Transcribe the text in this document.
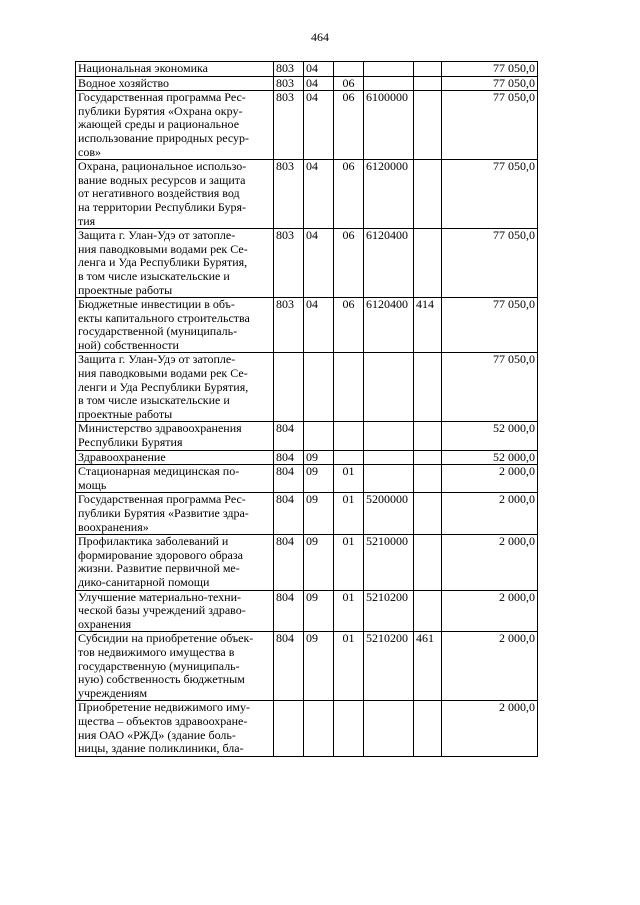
464
Национальная экономика	803	04				77 050,0
Водное хозяйство	803	04	06			77 050,0
Государственная программа Рес-
публики Бурятия «Охрана окру-
жающей среды и рациональное
использование природных ресур-
сов»	803	04	06	6100000		77 050,0
Охрана, рациональное использо-
вание водных ресурсов и защита
от негативного воздействия вод
на территории Республики Буря-
тия	803	04	06	6120000		77 050,0
Защита г. Улан-Удэ от затопле-
ния паводковыми водами рек Се-
ленга и Уда Республики Бурятия,
в том числе изыскательские и
проектные работы	803	04	06	6120400		77 050,0
Бюджетные инвестиции в объ-
екты капитального строительства
государственной (муниципаль-
ной) собственности	803	04	06	6120400	414	77 050,0
Защита г. Улан-Удэ от затопле-
ния паводковыми водами рек Се-
ленги и Уда Республики Бурятия,
в том числе изыскательские и
проектные работы						77 050,0
Министерство здравоохранения
Республики Бурятия	804					52 000,0
Здравоохранение	804	09				52 000,0
Стационарная медицинская по-
мощь	804	09	01			2 000,0
Государственная программа Рес-
публики Бурятия «Развитие здра-
воохранения»	804	09	01	5200000		2 000,0
Профилактика заболеваний и
формирование здорового образа
жизни. Развитие первичной ме-
дико-санитарной помощи	804	09	01	5210000		2 000,0
Улучшение материально-техни-
ческой базы учреждений здраво-
охранения	804	09	01	5210200		2 000,0
Субсидии на приобретение объек-
тов недвижимого имущества в
государственную (муниципаль-
ную) собственность бюджетным
учреждениям	804	09	01	5210200	461	2 000,0
Приобретение недвижимого иму-
щества – объектов здравоохране-
ния ОАО «РЖД» (здание боль-
ницы, здание поликлиники, бла-						2 000,0
